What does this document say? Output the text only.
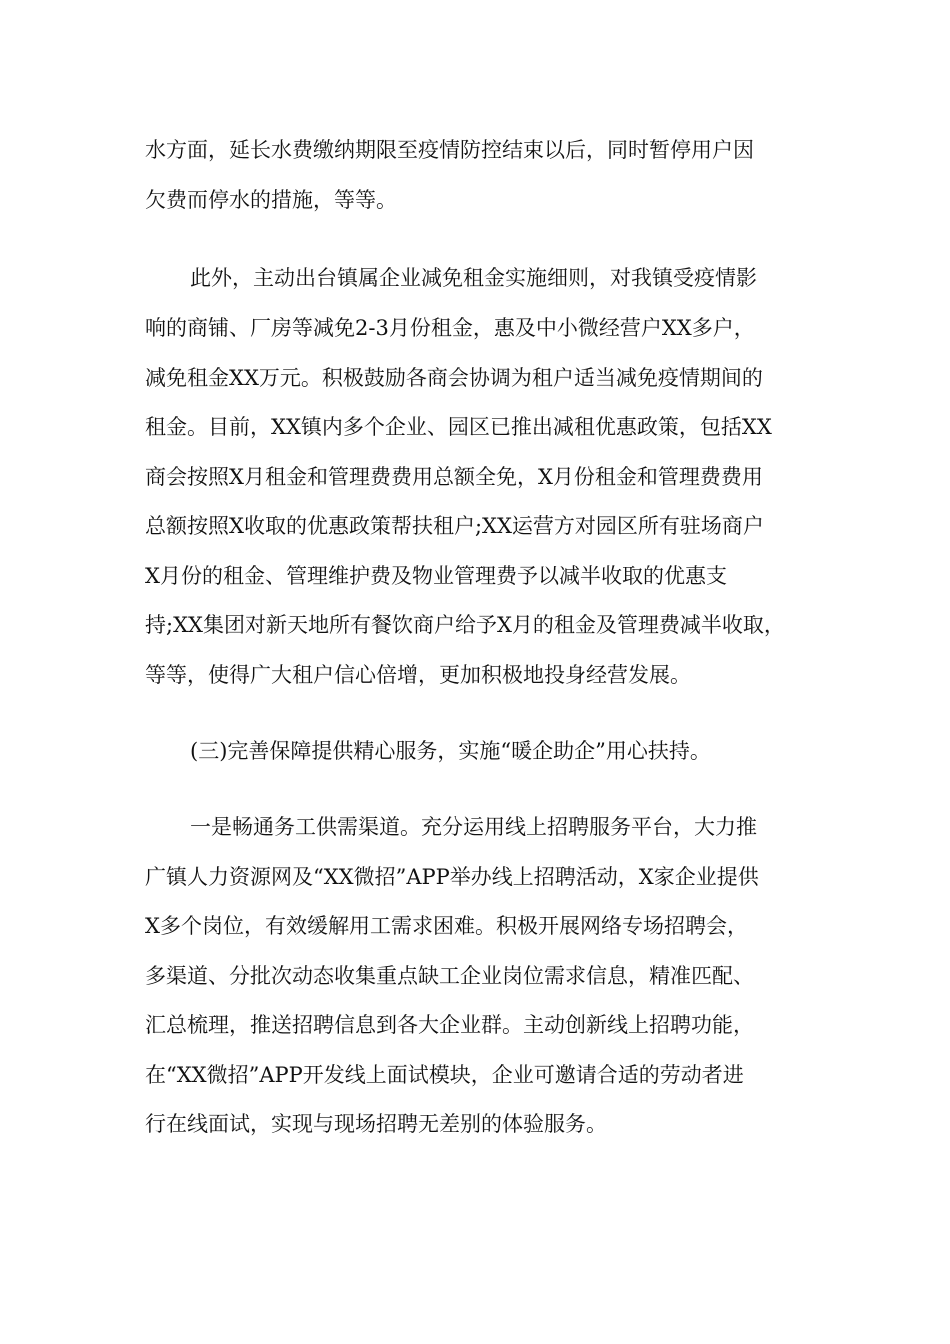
水方面，延长水费缴纳期限至疫情防控结束以后，同时暂停用户因

欠费而停水的措施，等等。

此外，主动出台镇属企业减免租金实施细则，对我镇受疫情影

响的商铺、厂房等减免2-3月份租金，惠及中小微经营户XX多户，

减免租金XX万元。积极鼓励各商会协调为租户适当减免疫情期间的

租金。目前，XX镇内多个企业、园区已推出减租优惠政策，包括XX

商会按照X月租金和管理费费用总额全免，X月份租金和管理费费用

总额按照X收取的优惠政策帮扶租户;XX运营方对园区所有驻场商户

X月份的租金、管理维护费及物业管理费予以减半收取的优惠支

持;XX集团对新天地所有餐饮商户给予X月的租金及管理费减半收取，

等等，使得广大租户信心倍增，更加积极地投身经营发展。

(三)完善保障提供精心服务，实施“暖企助企”用心扶持。

一是畅通务工供需渠道。充分运用线上招聘服务平台，大力推

广镇人力资源网及“XX微招”APP举办线上招聘活动，X家企业提供

X多个岗位，有效缓解用工需求困难。积极开展网络专场招聘会，

多渠道、分批次动态收集重点缺工企业岗位需求信息，精准匹配、

汇总梳理，推送招聘信息到各大企业群。主动创新线上招聘功能，

在“XX微招”APP开发线上面试模块，企业可邀请合适的劳动者进

行在线面试，实现与现场招聘无差别的体验服务。
